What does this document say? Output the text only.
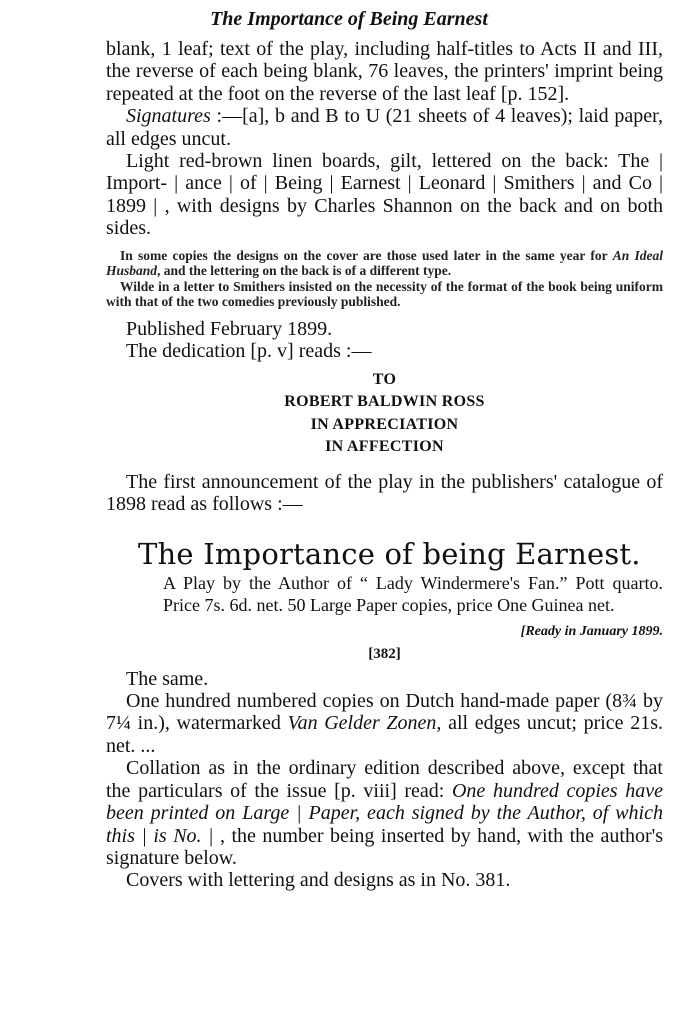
The Importance of Being Earnest

blank, 1 leaf; text of the play, including half-titles to Acts II and III, the reverse of each being blank, 76 leaves, the printers' imprint being repeated at the foot on the reverse of the last leaf [p. 152].

Signatures :—[a], b and B to U (21 sheets of 4 leaves); laid paper, all edges uncut.

Light red-brown linen boards, gilt, lettered on the back: The | Import- | ance | of | Being | Earnest | Leonard | Smithers | and Co | 1899 | , with designs by Charles Shannon on the back and on both sides.

In some copies the designs on the cover are those used later in the same year for An Ideal Husband, and the lettering on the back is of a different type.

Wilde in a letter to Smithers insisted on the necessity of the format of the book being uniform with that of the two comedies previously published.

Published February 1899.

The dedication [p. v] reads :—

TO
ROBERT BALDWIN ROSS
IN APPRECIATION
IN AFFECTION

The first announcement of the play in the publishers' catalogue of 1898 read as follows :—

The Importance of being Earnest.
A Play by the Author of “ Lady Windermere's Fan.” Pott quarto. Price 7s. 6d. net. 50 Large Paper copies, price One Guinea net.
[Ready in January 1899.
[382]

The same.

One hundred numbered copies on Dutch hand-made paper (8¾ by 7¼ in.), watermarked Van Gelder Zonen, all edges uncut; price 21s. net. ...

Collation as in the ordinary edition described above, except that the particulars of the issue [p. viii] read: One hundred copies have been printed on Large | Paper, each signed by the Author, of which this | is No. | , the number being inserted by hand, with the author's signature below.

Covers with lettering and designs as in No. 381.
